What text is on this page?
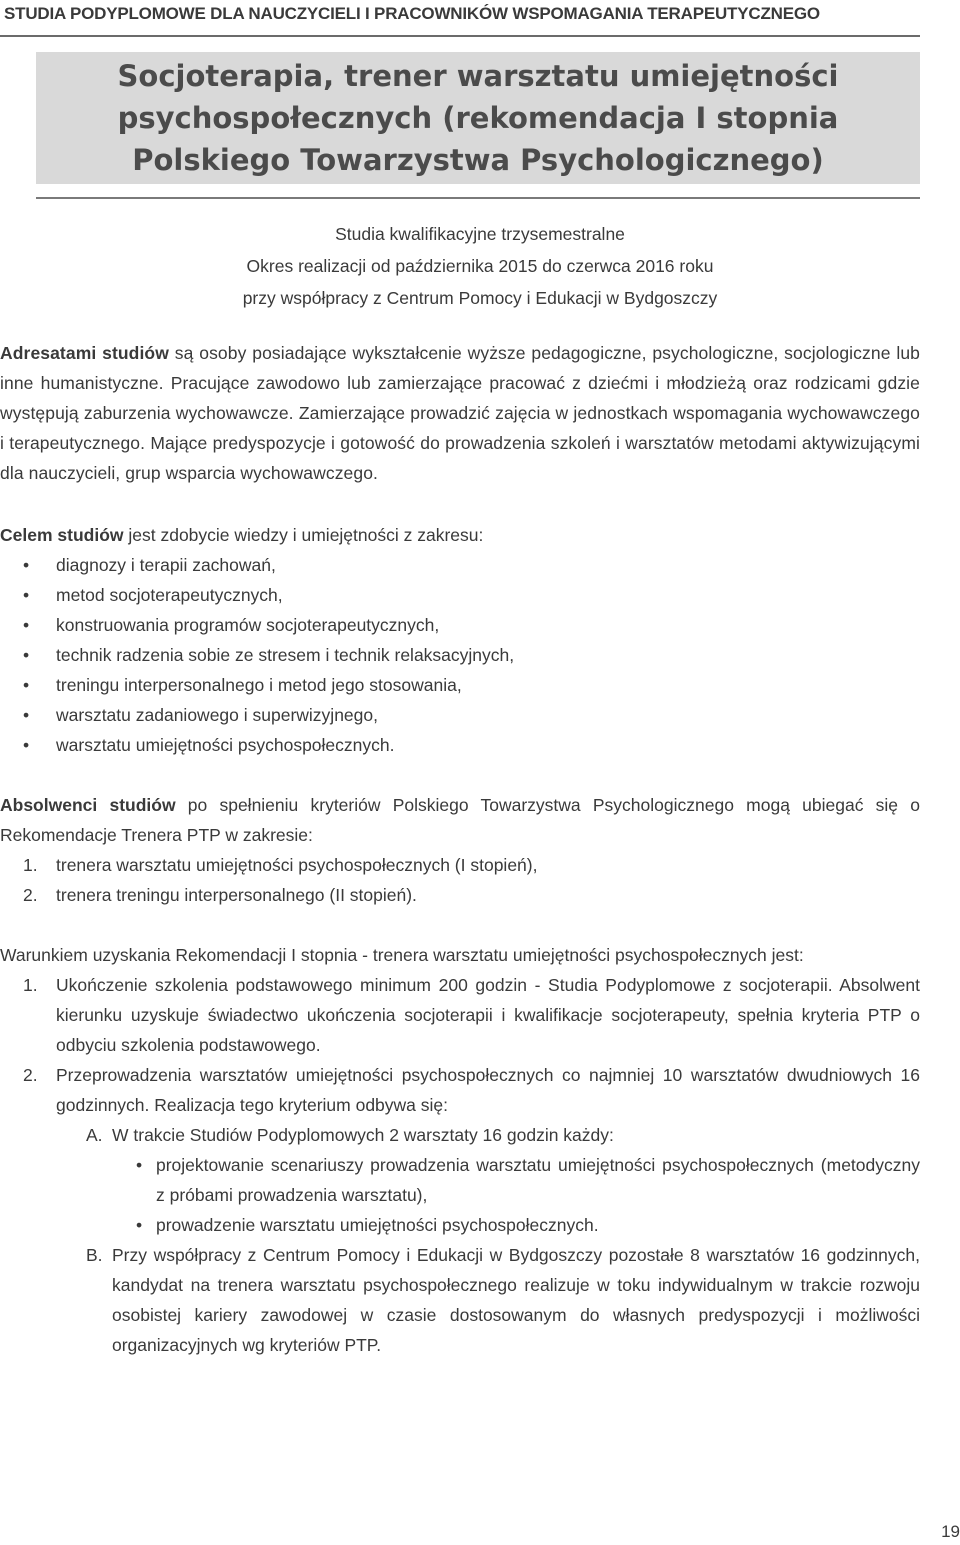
STUDIA PODYPLOMOWE DLA NAUCZYCIELI I PRACOWNIKÓW WSPOMAGANIA TERAPEUTYCZNEGO
Socjoterapia, trener warsztatu umiejętności psychospołecznych (rekomendacja I stopnia Polskiego Towarzystwa Psychologicznego)
Studia kwalifikacyjne trzysemestralne
Okres realizacji od października 2015 do czerwca 2016 roku
przy współpracy z Centrum Pomocy i Edukacji w Bydgoszczy

Adresatami studiów są osoby posiadające wykształcenie wyższe pedagogiczne, psychologiczne, socjologiczne lub inne humanistyczne. Pracujące zawodowo lub zamierzające pracować z dziećmi i młodzieżą oraz rodzicami gdzie występują zaburzenia wychowawcze. Zamierzające prowadzić zajęcia w jednostkach wspomagania wychowawczego i terapeutycznego. Mające predyspozycje i gotowość do prowadzenia szkoleń i warsztatów metodami aktywizującymi dla nauczycieli, grup wsparcia wychowawczego.

Celem studiów jest zdobycie wiedzy i umiejętności z zakresu:

• diagnozy i terapii zachowań,
• metod socjoterapeutycznych,
• konstruowania programów socjoterapeutycznych,
• technik radzenia sobie ze stresem i technik relaksacyjnych,
• treningu interpersonalnego i metod jego stosowania,
• warsztatu zadaniowego i superwizyjnego,
• warsztatu umiejętności psychospołecznych.

Absolwenci studiów po spełnieniu kryteriów Polskiego Towarzystwa Psychologicznego mogą ubiegać się o Rekomendacje Trenera PTP w zakresie:

1. trenera warsztatu umiejętności psychospołecznych (I stopień),
2. trenera treningu interpersonalnego (II stopień).

Warunkiem uzyskania Rekomendacji I stopnia - trenera warsztatu umiejętności psychospołecznych jest:

1. Ukończenie szkolenia podstawowego minimum 200 godzin - Studia Podyplomowe z socjoterapii. Absolwent kierunku uzyskuje świadectwo ukończenia socjoterapii i kwalifikacje socjoterapeuty, spełnia kryteria PTP o odbyciu szkolenia podstawowego.
2. Przeprowadzenia warsztatów umiejętności psychospołecznych co najmniej 10 warsztatów dwudniowych 16 godzinnych. Realizacja tego kryterium odbywa się:
A. W trakcie Studiów Podyplomowych 2 warsztaty 16 godzin każdy:
• projektowanie scenariuszy prowadzenia warsztatu umiejętności psychospołecznych (metodyczny z próbami prowadzenia warsztatu),
• prowadzenie warsztatu umiejętności psychospołecznych.
B. Przy współpracy z Centrum Pomocy i Edukacji w Bydgoszczy pozostałe 8 warsztatów 16 godzinnych, kandydat na trenera warsztatu psychospołecznego realizuje w toku indywidualnym w trakcie rozwoju osobistej kariery zawodowej w czasie dostosowanym do własnych predyspozycji i możliwości organizacyjnych wg kryteriów PTP.
19
